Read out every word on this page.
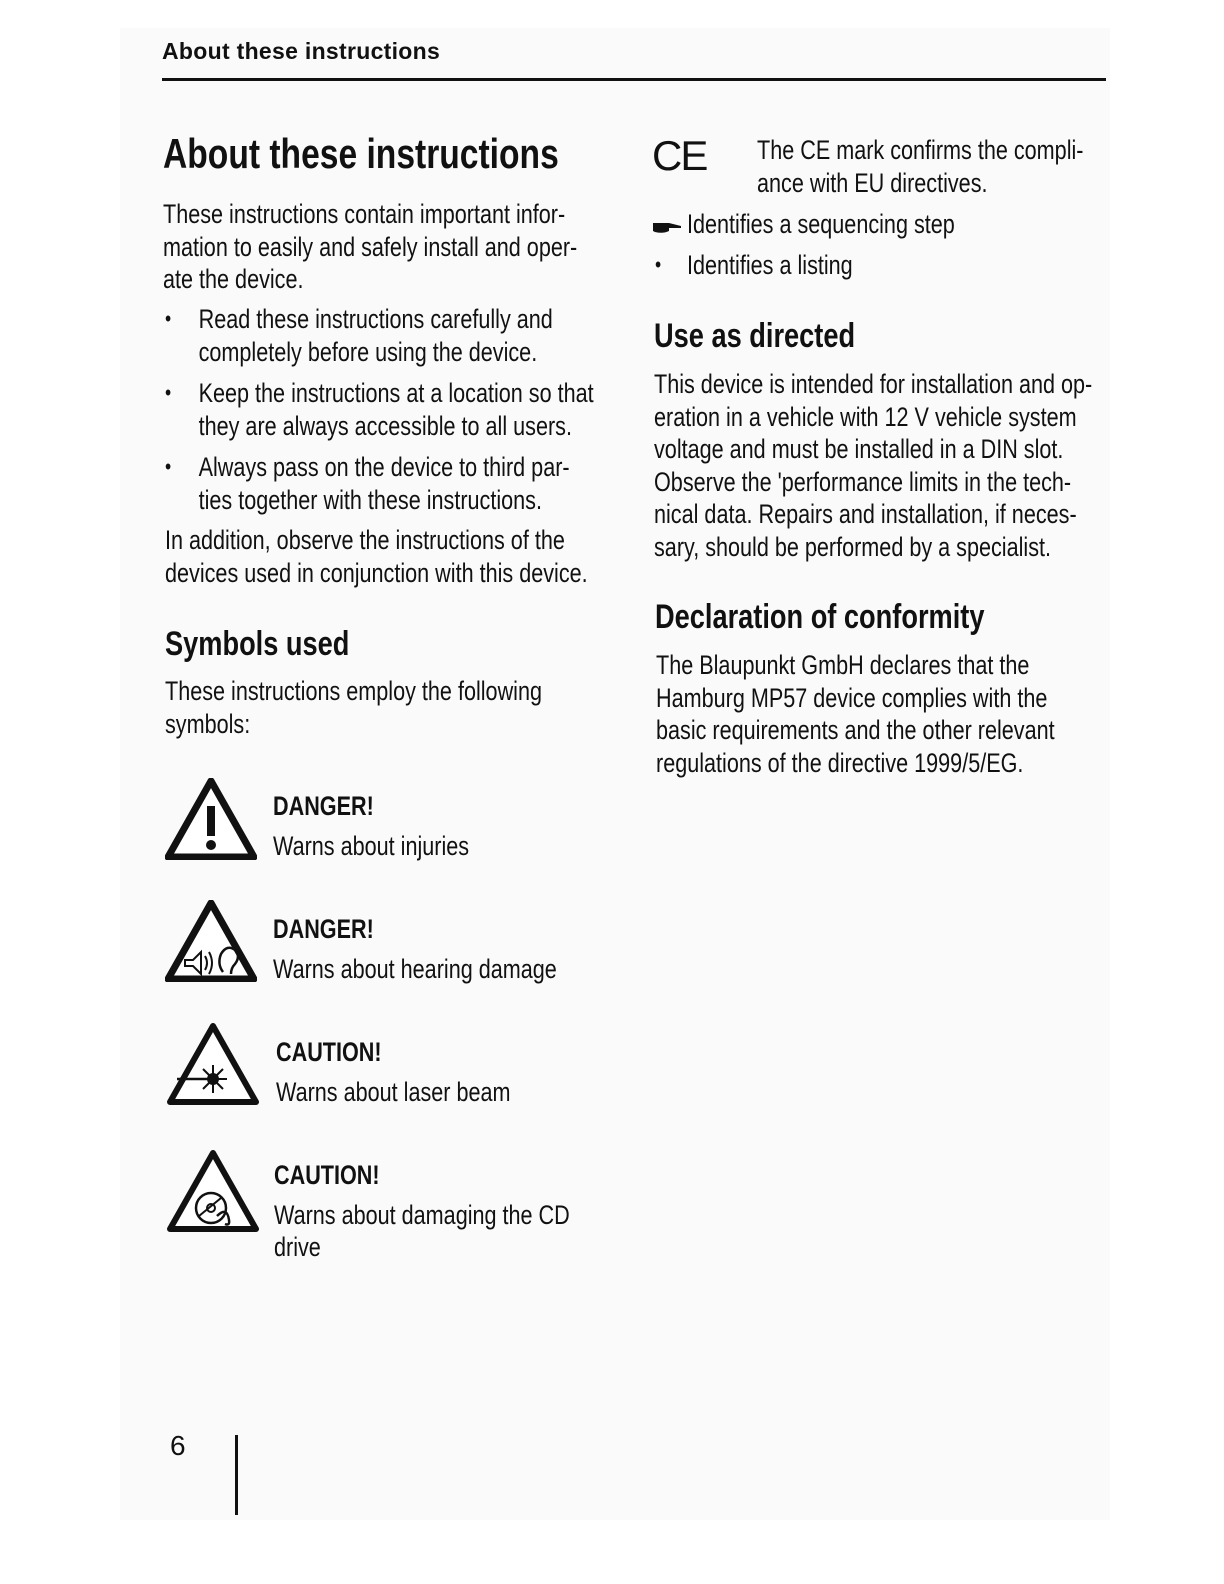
About these instructions
About these instructions
These instructions contain important infor-
mation to easily and safely install and oper-
ate the device.
• Read these instructions carefully and
completely before using the device.
• Keep the instructions at a location so that
they are always accessible to all users.
• Always pass on the device to third par-
ties together with these instructions.
In addition, observe the instructions of the
devices used in conjunction with this device.
Symbols used
These instructions employ the following
symbols:
DANGER!
Warns about injuries
DANGER!
Warns about hearing damage
CAUTION!
Warns about laser beam
CAUTION!
Warns about damaging the CD
drive
CE The CE mark confirms the compli-
ance with EU directives.
Identifies a sequencing step
• Identifies a listing
Use as directed
This device is intended for installation and op-
eration in a vehicle with 12 V vehicle system
voltage and must be installed in a DIN slot.
Observe the 'performance limits in the tech-
nical data. Repairs and installation, if neces-
sary, should be performed by a specialist.
Declaration of conformity
The Blaupunkt GmbH declares that the
Hamburg MP57 device complies with the
basic requirements and the other relevant
regulations of the directive 1999/5/EG.
6
